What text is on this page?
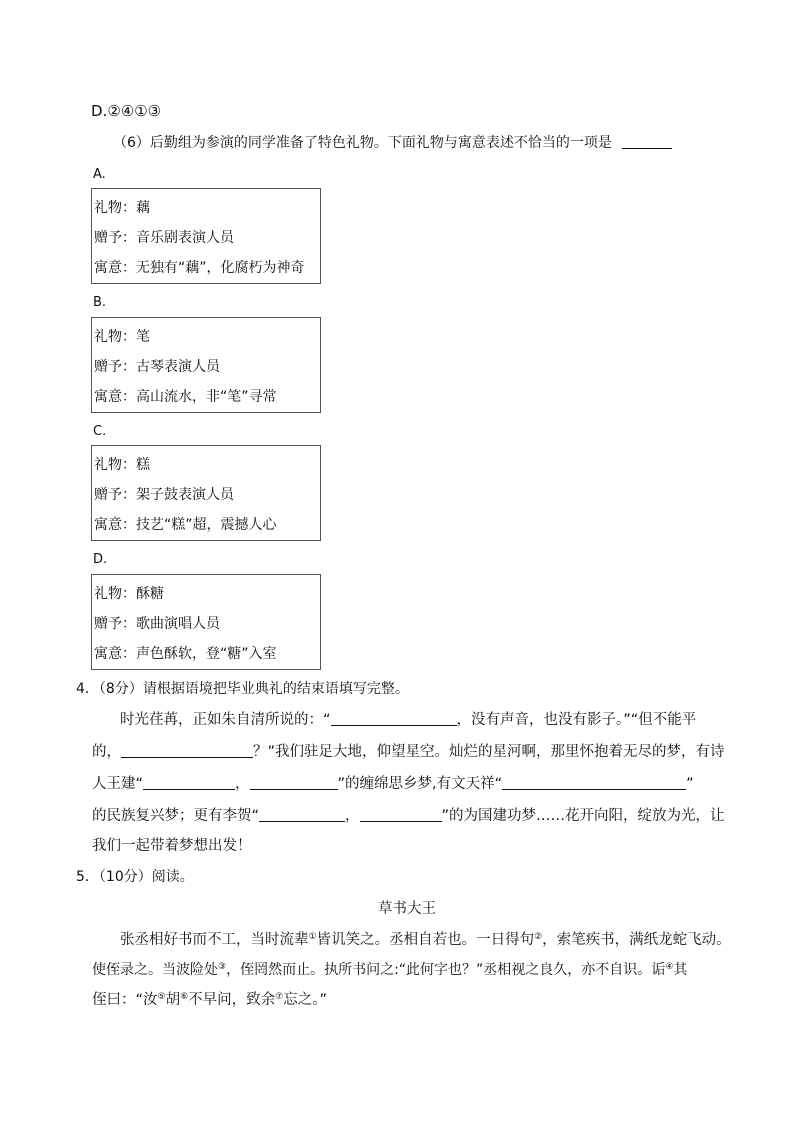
D.②④①③
（6）后勤组为参演的同学准备了特色礼物。下面礼物与寓意表述不恰当的一项是
A.
礼物：藕
赠予：音乐剧表演人员
寓意：无独有“藕”，化腐朽为神奇
B.
礼物：笔
赠予：古琴表演人员
寓意：高山流水，非“笔”寻常
C.
礼物：糕
赠予：架子鼓表演人员
寓意：技艺“糕”超，震撼人心
D.
礼物：酥糖
赠予：歌曲演唱人员
寓意：声色酥软，登“糖”入室
4．（8分）请根据语境把毕业典礼的结束语填写完整。
时光荏苒，正如朱自清所说的：“	，没有声音，也没有影子。”“但不能平
的，	？”我们驻足大地，仰望星空。灿烂的星河啊，那里怀抱着无尽的梦，有诗
人王建“	，	”的缠绵思乡梦,有文天祥“	”
的民族复兴梦；更有李贺“	，	”的为国建功梦……花开向阳，绽放为光，让
我们一起带着梦想出发！
5．（10分）阅读。
草书大王
张丞相好书而不工，当时流辈①皆讥笑之。丞相自若也。一日得句②，索笔疾书，满纸龙蛇飞动。
使侄录之。当波险处③，侄罔然而止。执所书问之:“此何字也？”丞相视之良久，亦不自识。诟④其
侄曰：“汝⑤胡⑥不早问，致余⑦忘之。”
